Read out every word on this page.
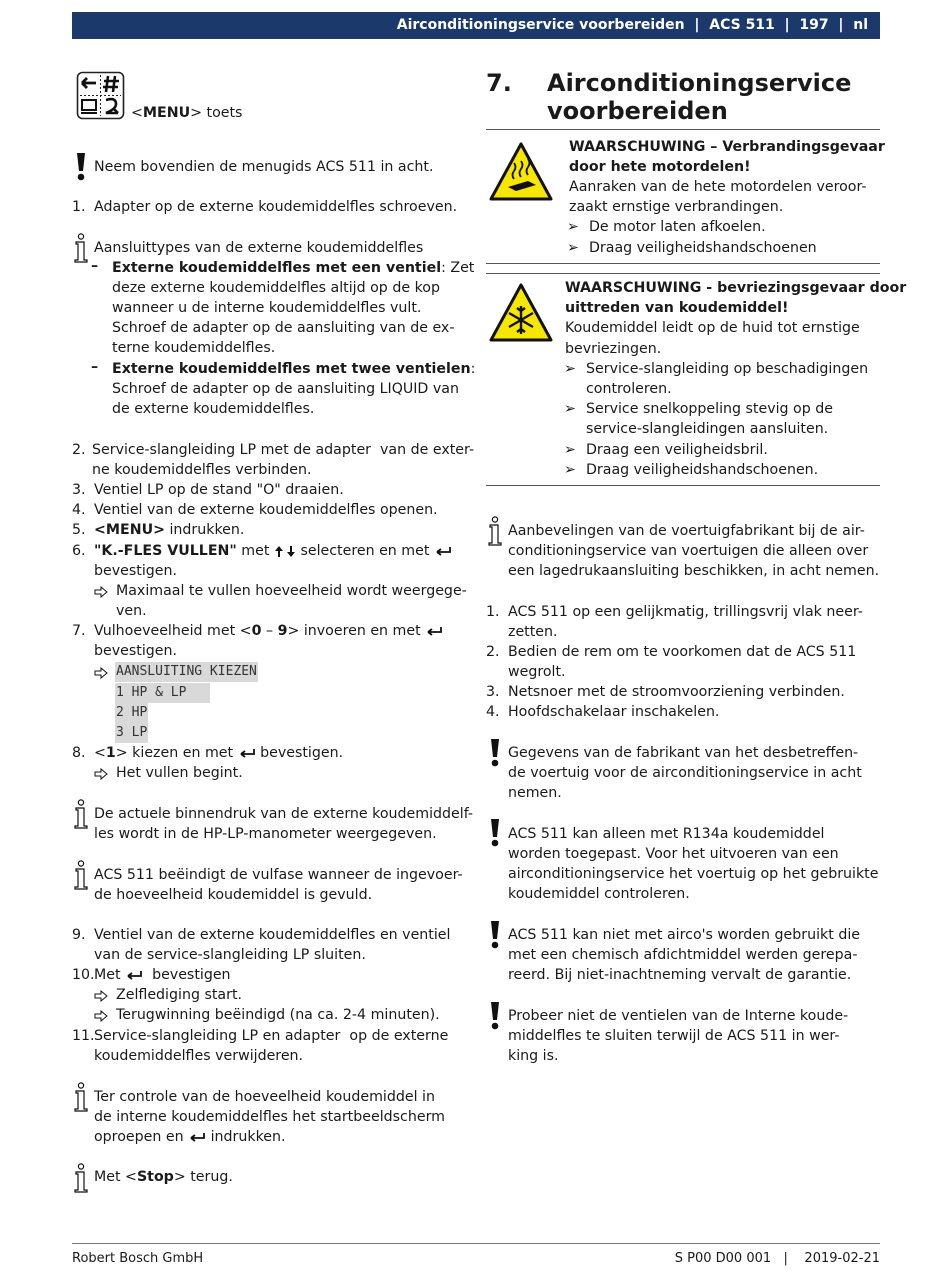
Airconditioningservice voorbereiden  |  ACS 511  |  197  |  nl
<MENU> toets
Neem bovendien de menugids ACS 511 in acht.
1. Adapter op de externe koudemiddelfles schroeven.
Aansluittypes van de externe koudemiddelfles
– Externe koudemiddelfles met een ventiel: Zet
deze externe koudemiddelfles altijd op de kop
wanneer u de interne koudemiddelfles vult.
Schroef de adapter op de aansluiting van de ex-
terne koudemiddelfles.
– Externe koudemiddelfles met twee ventielen:
Schroef de adapter op de aansluiting LIQUID van
de externe koudemiddelfles.
2. Service-slangleiding LP met de adapter  van de exter-
ne koudemiddelfles verbinden.
3. Ventiel LP op de stand "O" draaien.
4. Ventiel van de externe koudemiddelfles openen.
5. <MENU> indrukken.
6. "K.-FLES VULLEN" met  selecteren en met
bevestigen.
Maximaal te vullen hoeveelheid wordt weergege-
ven.
7. Vulhoeveelheid met <0 – 9> invoeren en met
bevestigen.
AANSLUITING KIEZEN
1 HP & LP
2 HP
3 LP
8. <1> kiezen en met  bevestigen.
Het vullen begint.
De actuele binnendruk van de externe koudemiddelf-
les wordt in de HP-LP-manometer weergegeven.
ACS 511 beëindigt de vulfase wanneer de ingevoer-
de hoeveelheid koudemiddel is gevuld.
9. Ventiel van de externe koudemiddelfles en ventiel
van de service-slangleiding LP sluiten.
10. Met   bevestigen
Zelflediging start.
Terugwinning beëindigd (na ca. 2-4 minuten).
11. Service-slangleiding LP en adapter  op de externe
koudemiddelfles verwijderen.
Ter controle van de hoeveelheid koudemiddel in
de interne koudemiddelfles het startbeeldscherm
oproepen en  indrukken.
Met <Stop> terug.
7. Airconditioningservice
voorbereiden
WAARSCHUWING – Verbrandingsgevaar
door hete motordelen!
Aanraken van de hete motordelen veroor-
zaakt ernstige verbrandingen.
➢ De motor laten afkoelen.
➢ Draag veiligheidshandschoenen
WAARSCHUWING - bevriezingsgevaar door
uittreden van koudemiddel!
Koudemiddel leidt op de huid tot ernstige
bevriezingen.
➢ Service-slangleiding op beschadigingen
controleren.
➢ Service snelkoppeling stevig op de
service-slangleidingen aansluiten.
➢ Draag een veiligheidsbril.
➢ Draag veiligheidshandschoenen.
Aanbevelingen van de voertuigfabrikant bij de air-
conditioningservice van voertuigen die alleen over
een lagedrukaansluiting beschikken, in acht nemen.
1. ACS 511 op een gelijkmatig, trillingsvrij vlak neer-
zetten.
2. Bedien de rem om te voorkomen dat de ACS 511
wegrolt.
3. Netsnoer met de stroomvoorziening verbinden.
4. Hoofdschakelaar inschakelen.
Gegevens van de fabrikant van het desbetreffen-
de voertuig voor de airconditioningservice in acht
nemen.
ACS 511 kan alleen met R134a koudemiddel
worden toegepast. Voor het uitvoeren van een
airconditioningservice het voertuig op het gebruikte
koudemiddel controleren.
ACS 511 kan niet met airco's worden gebruikt die
met een chemisch afdichtmiddel werden gerepa-
reerd. Bij niet-inachtneming vervalt de garantie.
Probeer niet de ventielen van de Interne koude-
middelfles te sluiten terwijl de ACS 511 in wer-
king is.
Robert Bosch GmbH	S P00 D00 001   |    2019-02-21
